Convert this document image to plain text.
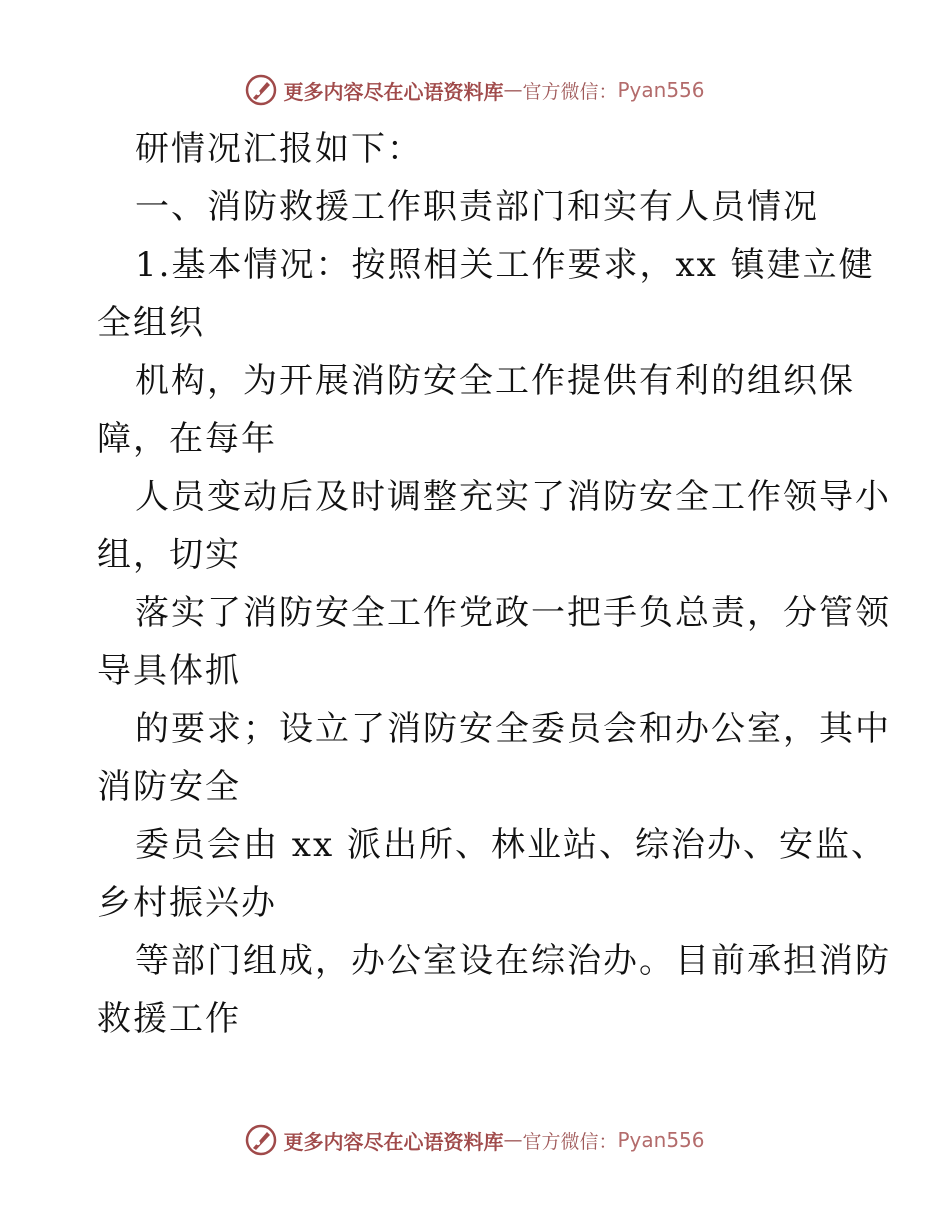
更多内容尽在心语资料库 — 官方微信： Pyan556
研情况汇报如下：
一、消防救援工作职责部门和实有人员情况
1.基本情况：按照相关工作要求，xx 镇建立健
全组织
机构，为开展消防安全工作提供有利的组织保
障，在每年
人员变动后及时调整充实了消防安全工作领导小
组，切实
落实了消防安全工作党政一把手负总责，分管领
导具体抓
的要求；设立了消防安全委员会和办公室，其中
消防安全
委员会由 xx 派出所、林业站、综治办、安监、
乡村振兴办
等部门组成，办公室设在综治办。目前承担消防
救援工作
更多内容尽在心语资料库 — 官方微信： Pyan556
